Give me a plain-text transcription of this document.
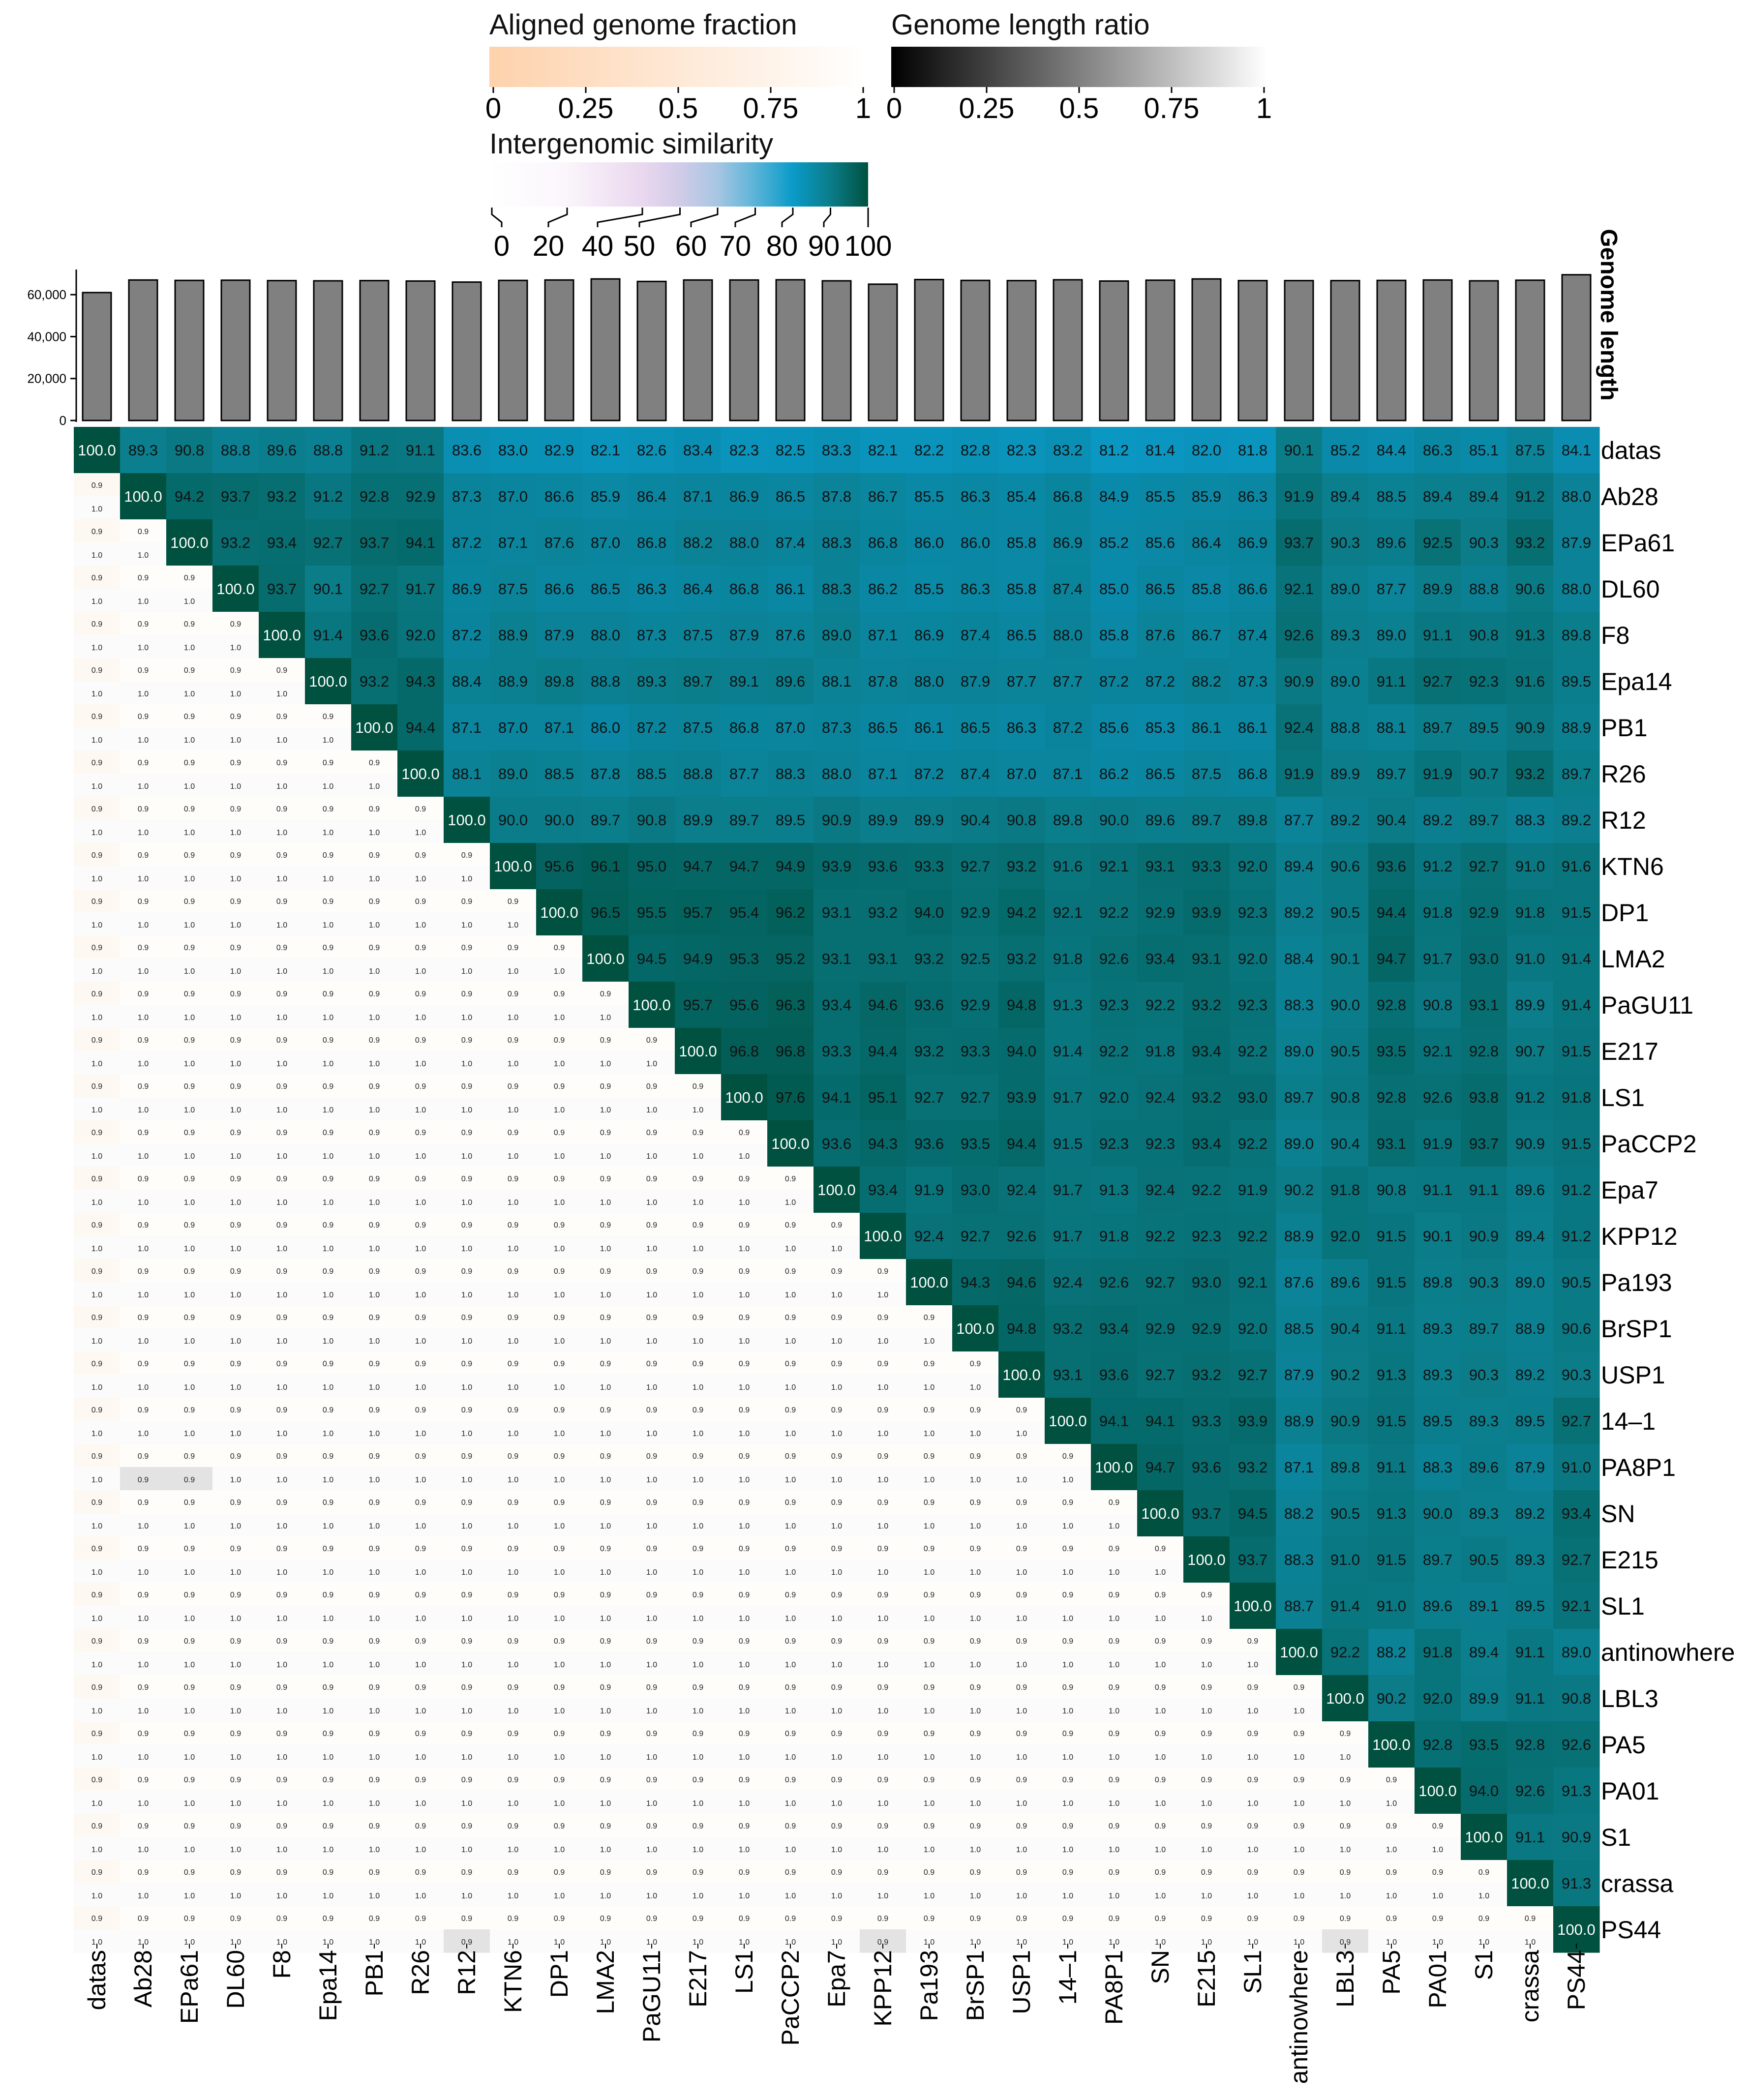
Aligned genome fraction
0 0.25 0.5 0.75 1
Genome length ratio
0 0.25 0.5 0.75 1
Intergenomic similarity
0 20 40 50 60 70 80 90 100
0
20,000
40,000
60,000	Genome length
100.0 89.3 90.8 88.8 89.6 88.8 91.2 91.1 83.6 83.0 82.9 82.1 82.6 83.4 82.3 82.5 83.3 82.1 82.2 82.8 82.3 83.2 81.2 81.4 82.0 81.8 90.1 85.2 84.4 86.3 85.1 87.5 84.1
0.9
1.0
100.0 94.2 93.7 93.2 91.2 92.8 92.9 87.3 87.0 86.6 85.9 86.4 87.1 86.9 86.5 87.8 86.7 85.5 86.3 85.4 86.8 84.9 85.5 85.9 86.3 91.9 89.4 88.5 89.4 89.4 91.2 88.0
0.9
1.0
0.9
1.0
100.0 93.2 93.4 92.7 93.7 94.1 87.2 87.1 87.6 87.0 86.8 88.2 88.0 87.4 88.3 86.8 86.0 86.0 85.8 86.9 85.2 85.6 86.4 86.9 93.7 90.3 89.6 92.5 90.3 93.2 87.9
0.9
1.0
0.9
1.0
0.9
1.0
100.0 93.7 90.1 92.7 91.7 86.9 87.5 86.6 86.5 86.3 86.4 86.8 86.1 88.3 86.2 85.5 86.3 85.8 87.4 85.0 86.5 85.8 86.6 92.1 89.0 87.7 89.9 88.8 90.6 88.0
0.9
1.0
0.9
1.0
0.9
1.0
0.9
1.0
100.0 91.4 93.6 92.0 87.2 88.9 87.9 88.0 87.3 87.5 87.9 87.6 89.0 87.1 86.9 87.4 86.5 88.0 85.8 87.6 86.7 87.4 92.6 89.3 89.0 91.1 90.8 91.3 89.8
0.9
1.0
0.9
1.0
0.9
1.0
0.9
1.0
0.9
1.0
100.0 93.2 94.3 88.4 88.9 89.8 88.8 89.3 89.7 89.1 89.6 88.1 87.8 88.0 87.9 87.7 87.7 87.2 87.2 88.2 87.3 90.9 89.0 91.1 92.7 92.3 91.6 89.5
0.9
1.0
0.9
1.0
0.9
1.0
0.9
1.0
0.9
1.0
0.9
1.0
100.0 94.4 87.1 87.0 87.1 86.0 87.2 87.5 86.8 87.0 87.3 86.5 86.1 86.5 86.3 87.2 85.6 85.3 86.1 86.1 92.4 88.8 88.1 89.7 89.5 90.9 88.9
0.9
1.0
0.9
1.0
0.9
1.0
0.9
1.0
0.9
1.0
0.9
1.0
0.9
1.0
100.0 88.1 89.0 88.5 87.8 88.5 88.8 87.7 88.3 88.0 87.1 87.2 87.4 87.0 87.1 86.2 86.5 87.5 86.8 91.9 89.9 89.7 91.9 90.7 93.2 89.7
0.9
1.0
0.9
1.0
0.9
1.0
0.9
1.0
0.9
1.0
0.9
1.0
0.9
1.0
0.9
1.0
100.0 90.0 90.0 89.7 90.8 89.9 89.7 89.5 90.9 89.9 89.9 90.4 90.8 89.8 90.0 89.6 89.7 89.8 87.7 89.2 90.4 89.2 89.7 88.3 89.2
0.9
1.0
0.9
1.0
0.9
1.0
0.9
1.0
0.9
1.0
0.9
1.0
0.9
1.0
0.9
1.0
0.9
1.0
100.0 95.6 96.1 95.0 94.7 94.7 94.9 93.9 93.6 93.3 92.7 93.2 91.6 92.1 93.1 93.3 92.0 89.4 90.6 93.6 91.2 92.7 91.0 91.6
0.9
1.0
0.9
1.0
0.9
1.0
0.9
1.0
0.9
1.0
0.9
1.0
0.9
1.0
0.9
1.0
0.9
1.0
0.9
1.0
100.0 96.5 95.5 95.7 95.4 96.2 93.1 93.2 94.0 92.9 94.2 92.1 92.2 92.9 93.9 92.3 89.2 90.5 94.4 91.8 92.9 91.8 91.5
0.9
1.0
0.9
1.0
0.9
1.0
0.9
1.0
0.9
1.0
0.9
1.0
0.9
1.0
0.9
1.0
0.9
1.0
0.9
1.0
0.9
1.0
100.0 94.5 94.9 95.3 95.2 93.1 93.1 93.2 92.5 93.2 91.8 92.6 93.4 93.1 92.0 88.4 90.1 94.7 91.7 93.0 91.0 91.4
0.9
1.0
0.9
1.0
0.9
1.0
0.9
1.0
0.9
1.0
0.9
1.0
0.9
1.0
0.9
1.0
0.9
1.0
0.9
1.0
0.9
1.0
0.9
1.0
100.0 95.7 95.6 96.3 93.4 94.6 93.6 92.9 94.8 91.3 92.3 92.2 93.2 92.3 88.3 90.0 92.8 90.8 93.1 89.9 91.4
0.9
1.0
0.9
1.0
0.9
1.0
0.9
1.0
0.9
1.0
0.9
1.0
0.9
1.0
0.9
1.0
0.9
1.0
0.9
1.0
0.9
1.0
0.9
1.0
0.9
1.0
100.0 96.8 96.8 93.3 94.4 93.2 93.3 94.0 91.4 92.2 91.8 93.4 92.2 89.0 90.5 93.5 92.1 92.8 90.7 91.5
0.9
1.0
0.9
1.0
0.9
1.0
0.9
1.0
0.9
1.0
0.9
1.0
0.9
1.0
0.9
1.0
0.9
1.0
0.9
1.0
0.9
1.0
0.9
1.0
0.9
1.0
0.9
1.0
100.0 97.6 94.1 95.1 92.7 92.7 93.9 91.7 92.0 92.4 93.2 93.0 89.7 90.8 92.8 92.6 93.8 91.2 91.8
0.9
1.0
0.9
1.0
0.9
1.0
0.9
1.0
0.9
1.0
0.9
1.0
0.9
1.0
0.9
1.0
0.9
1.0
0.9
1.0
0.9
1.0
0.9
1.0
0.9
1.0
0.9
1.0
0.9
1.0
100.0 93.6 94.3 93.6 93.5 94.4 91.5 92.3 92.3 93.4 92.2 89.0 90.4 93.1 91.9 93.7 90.9 91.5
0.9
1.0
0.9
1.0
0.9
1.0
0.9
1.0
0.9
1.0
0.9
1.0
0.9
1.0
0.9
1.0
0.9
1.0
0.9
1.0
0.9
1.0
0.9
1.0
0.9
1.0
0.9
1.0
0.9
1.0
0.9
1.0
100.0 93.4 91.9 93.0 92.4 91.7 91.3 92.4 92.2 91.9 90.2 91.8 90.8 91.1 91.1 89.6 91.2
0.9
1.0
0.9
1.0
0.9
1.0
0.9
1.0
0.9
1.0
0.9
1.0
0.9
1.0
0.9
1.0
0.9
1.0
0.9
1.0
0.9
1.0
0.9
1.0
0.9
1.0
0.9
1.0
0.9
1.0
0.9
1.0
0.9
1.0
100.0 92.4 92.7 92.6 91.7 91.8 92.2 92.3 92.2 88.9 92.0 91.5 90.1 90.9 89.4 91.2
0.9
1.0
0.9
1.0
0.9
1.0
0.9
1.0
0.9
1.0
0.9
1.0
0.9
1.0
0.9
1.0
0.9
1.0
0.9
1.0
0.9
1.0
0.9
1.0
0.9
1.0
0.9
1.0
0.9
1.0
0.9
1.0
0.9
1.0
0.9
1.0
100.0 94.3 94.6 92.4 92.6 92.7 93.0 92.1 87.6 89.6 91.5 89.8 90.3 89.0 90.5
0.9
1.0
0.9
1.0
0.9
1.0
0.9
1.0
0.9
1.0
0.9
1.0
0.9
1.0
0.9
1.0
0.9
1.0
0.9
1.0
0.9
1.0
0.9
1.0
0.9
1.0
0.9
1.0
0.9
1.0
0.9
1.0
0.9
1.0
0.9
1.0
0.9
1.0
100.0 94.8 93.2 93.4 92.9 92.9 92.0 88.5 90.4 91.1 89.3 89.7 88.9 90.6
0.9
1.0
0.9
1.0
0.9
1.0
0.9
1.0
0.9
1.0
0.9
1.0
0.9
1.0
0.9
1.0
0.9
1.0
0.9
1.0
0.9
1.0
0.9
1.0
0.9
1.0
0.9
1.0
0.9
1.0
0.9
1.0
0.9
1.0
0.9
1.0
0.9
1.0
0.9
1.0
100.0 93.1 93.6 92.7 93.2 92.7 87.9 90.2 91.3 89.3 90.3 89.2 90.3
0.9
1.0
0.9
1.0
0.9
1.0
0.9
1.0
0.9
1.0
0.9
1.0
0.9
1.0
0.9
1.0
0.9
1.0
0.9
1.0
0.9
1.0
0.9
1.0
0.9
1.0
0.9
1.0
0.9
1.0
0.9
1.0
0.9
1.0
0.9
1.0
0.9
1.0
0.9
1.0
0.9
1.0
100.0 94.1 94.1 93.3 93.9 88.9 90.9 91.5 89.5 89.3 89.5 92.7
0.9
1.0
0.9
0.9
0.9
0.9
0.9
1.0
0.9
1.0
0.9
1.0
0.9
1.0
0.9
1.0
0.9
1.0
0.9
1.0
0.9
1.0
0.9
1.0
0.9
1.0
0.9
1.0
0.9
1.0
0.9
1.0
0.9
1.0
0.9
1.0
0.9
1.0
0.9
1.0
0.9
1.0
0.9
1.0
100.0 94.7 93.6 93.2 87.1 89.8 91.1 88.3 89.6 87.9 91.0
0.9
1.0
0.9
1.0
0.9
1.0
0.9
1.0
0.9
1.0
0.9
1.0
0.9
1.0
0.9
1.0
0.9
1.0
0.9
1.0
0.9
1.0
0.9
1.0
0.9
1.0
0.9
1.0
0.9
1.0
0.9
1.0
0.9
1.0
0.9
1.0
0.9
1.0
0.9
1.0
0.9
1.0
0.9
1.0
0.9
1.0
100.0 93.7 94.5 88.2 90.5 91.3 90.0 89.3 89.2 93.4
0.9
1.0
0.9
1.0
0.9
1.0
0.9
1.0
0.9
1.0
0.9
1.0
0.9
1.0
0.9
1.0
0.9
1.0
0.9
1.0
0.9
1.0
0.9
1.0
0.9
1.0
0.9
1.0
0.9
1.0
0.9
1.0
0.9
1.0
0.9
1.0
0.9
1.0
0.9
1.0
0.9
1.0
0.9
1.0
0.9
1.0
0.9
1.0
100.0 93.7 88.3 91.0 91.5 89.7 90.5 89.3 92.7
0.9
1.0
0.9
1.0
0.9
1.0
0.9
1.0
0.9
1.0
0.9
1.0
0.9
1.0
0.9
1.0
0.9
1.0
0.9
1.0
0.9
1.0
0.9
1.0
0.9
1.0
0.9
1.0
0.9
1.0
0.9
1.0
0.9
1.0
0.9
1.0
0.9
1.0
0.9
1.0
0.9
1.0
0.9
1.0
0.9
1.0
0.9
1.0
0.9
1.0
100.0 88.7 91.4 91.0 89.6 89.1 89.5 92.1
0.9
1.0
0.9
1.0
0.9
1.0
0.9
1.0
0.9
1.0
0.9
1.0
0.9
1.0
0.9
1.0
0.9
1.0
0.9
1.0
0.9
1.0
0.9
1.0
0.9
1.0
0.9
1.0
0.9
1.0
0.9
1.0
0.9
1.0
0.9
1.0
0.9
1.0
0.9
1.0
0.9
1.0
0.9
1.0
0.9
1.0
0.9
1.0
0.9
1.0
0.9
1.0
100.0 92.2 88.2 91.8 89.4 91.1 89.0
0.9
1.0
0.9
1.0
0.9
1.0
0.9
1.0
0.9
1.0
0.9
1.0
0.9
1.0
0.9
1.0
0.9
1.0
0.9
1.0
0.9
1.0
0.9
1.0
0.9
1.0
0.9
1.0
0.9
1.0
0.9
1.0
0.9
1.0
0.9
1.0
0.9
1.0
0.9
1.0
0.9
1.0
0.9
1.0
0.9
1.0
0.9
1.0
0.9
1.0
0.9
1.0
0.9
1.0
100.0 90.2 92.0 89.9 91.1 90.8
0.9
1.0
0.9
1.0
0.9
1.0
0.9
1.0
0.9
1.0
0.9
1.0
0.9
1.0
0.9
1.0
0.9
1.0
0.9
1.0
0.9
1.0
0.9
1.0
0.9
1.0
0.9
1.0
0.9
1.0
0.9
1.0
0.9
1.0
0.9
1.0
0.9
1.0
0.9
1.0
0.9
1.0
0.9
1.0
0.9
1.0
0.9
1.0
0.9
1.0
0.9
1.0
0.9
1.0
0.9
1.0
100.0 92.8 93.5 92.8 92.6
0.9
1.0
0.9
1.0
0.9
1.0
0.9
1.0
0.9
1.0
0.9
1.0
0.9
1.0
0.9
1.0
0.9
1.0
0.9
1.0
0.9
1.0
0.9
1.0
0.9
1.0
0.9
1.0
0.9
1.0
0.9
1.0
0.9
1.0
0.9
1.0
0.9
1.0
0.9
1.0
0.9
1.0
0.9
1.0
0.9
1.0
0.9
1.0
0.9
1.0
0.9
1.0
0.9
1.0
0.9
1.0
0.9
1.0
100.0 94.0 92.6 91.3
0.9
1.0
0.9
1.0
0.9
1.0
0.9
1.0
0.9
1.0
0.9
1.0
0.9
1.0
0.9
1.0
0.9
1.0
0.9
1.0
0.9
1.0
0.9
1.0
0.9
1.0
0.9
1.0
0.9
1.0
0.9
1.0
0.9
1.0
0.9
1.0
0.9
1.0
0.9
1.0
0.9
1.0
0.9
1.0
0.9
1.0
0.9
1.0
0.9
1.0
0.9
1.0
0.9
1.0
0.9
1.0
0.9
1.0
0.9
1.0
100.0 91.1 90.9
0.9
1.0
0.9
1.0
0.9
1.0
0.9
1.0
0.9
1.0
0.9
1.0
0.9
1.0
0.9
1.0
0.9
1.0
0.9
1.0
0.9
1.0
0.9
1.0
0.9
1.0
0.9
1.0
0.9
1.0
0.9
1.0
0.9
1.0
0.9
1.0
0.9
1.0
0.9
1.0
0.9
1.0
0.9
1.0
0.9
1.0
0.9
1.0
0.9
1.0
0.9
1.0
0.9
1.0
0.9
1.0
0.9
1.0
0.9
1.0
0.9
1.0
100.0 91.3
0.9
1.0
0.9
1.0
0.9
1.0
0.9
1.0
0.9
1.0
0.9
1.0
0.9
1.0
0.9
1.0
0.9
0.9
0.9
1.0
0.9
1.0
0.9
1.0
0.9
1.0
0.9
1.0
0.9
1.0
0.9
1.0
0.9
1.0
0.9
0.9
0.9
1.0
0.9
1.0
0.9
1.0
0.9
1.0
0.9
1.0
0.9
1.0
0.9
1.0
0.9
1.0
0.9
1.0
0.9
0.9
0.9
1.0
0.9
1.0
0.9
1.0
0.9
1.0
100.0
datas
Ab28
EPa61
DL60
F8
Epa14
PB1
R26
R12
KTN6
DP1
LMA2
PaGU11
E217
LS1
PaCCP2
Epa7
KPP12
Pa193
BrSP1
USP1
14–1
PA8P1
SN
E215
SL1
antinowhere
LBL3
PA5
PA01
S1
crassa
PS44
datas Ab28 EPa61 DL60 F8 Epa14 PB1 R26 R12 KTN6 DP1 LMA2 PaGU11 E217 LS1 PaCCP2 Epa7 KPP12 Pa193 BrSP1 USP1 14–1 PA8P1 SN E215 SL1 antinowhere LBL3 PA5 PA01 S1 crassa PS44
